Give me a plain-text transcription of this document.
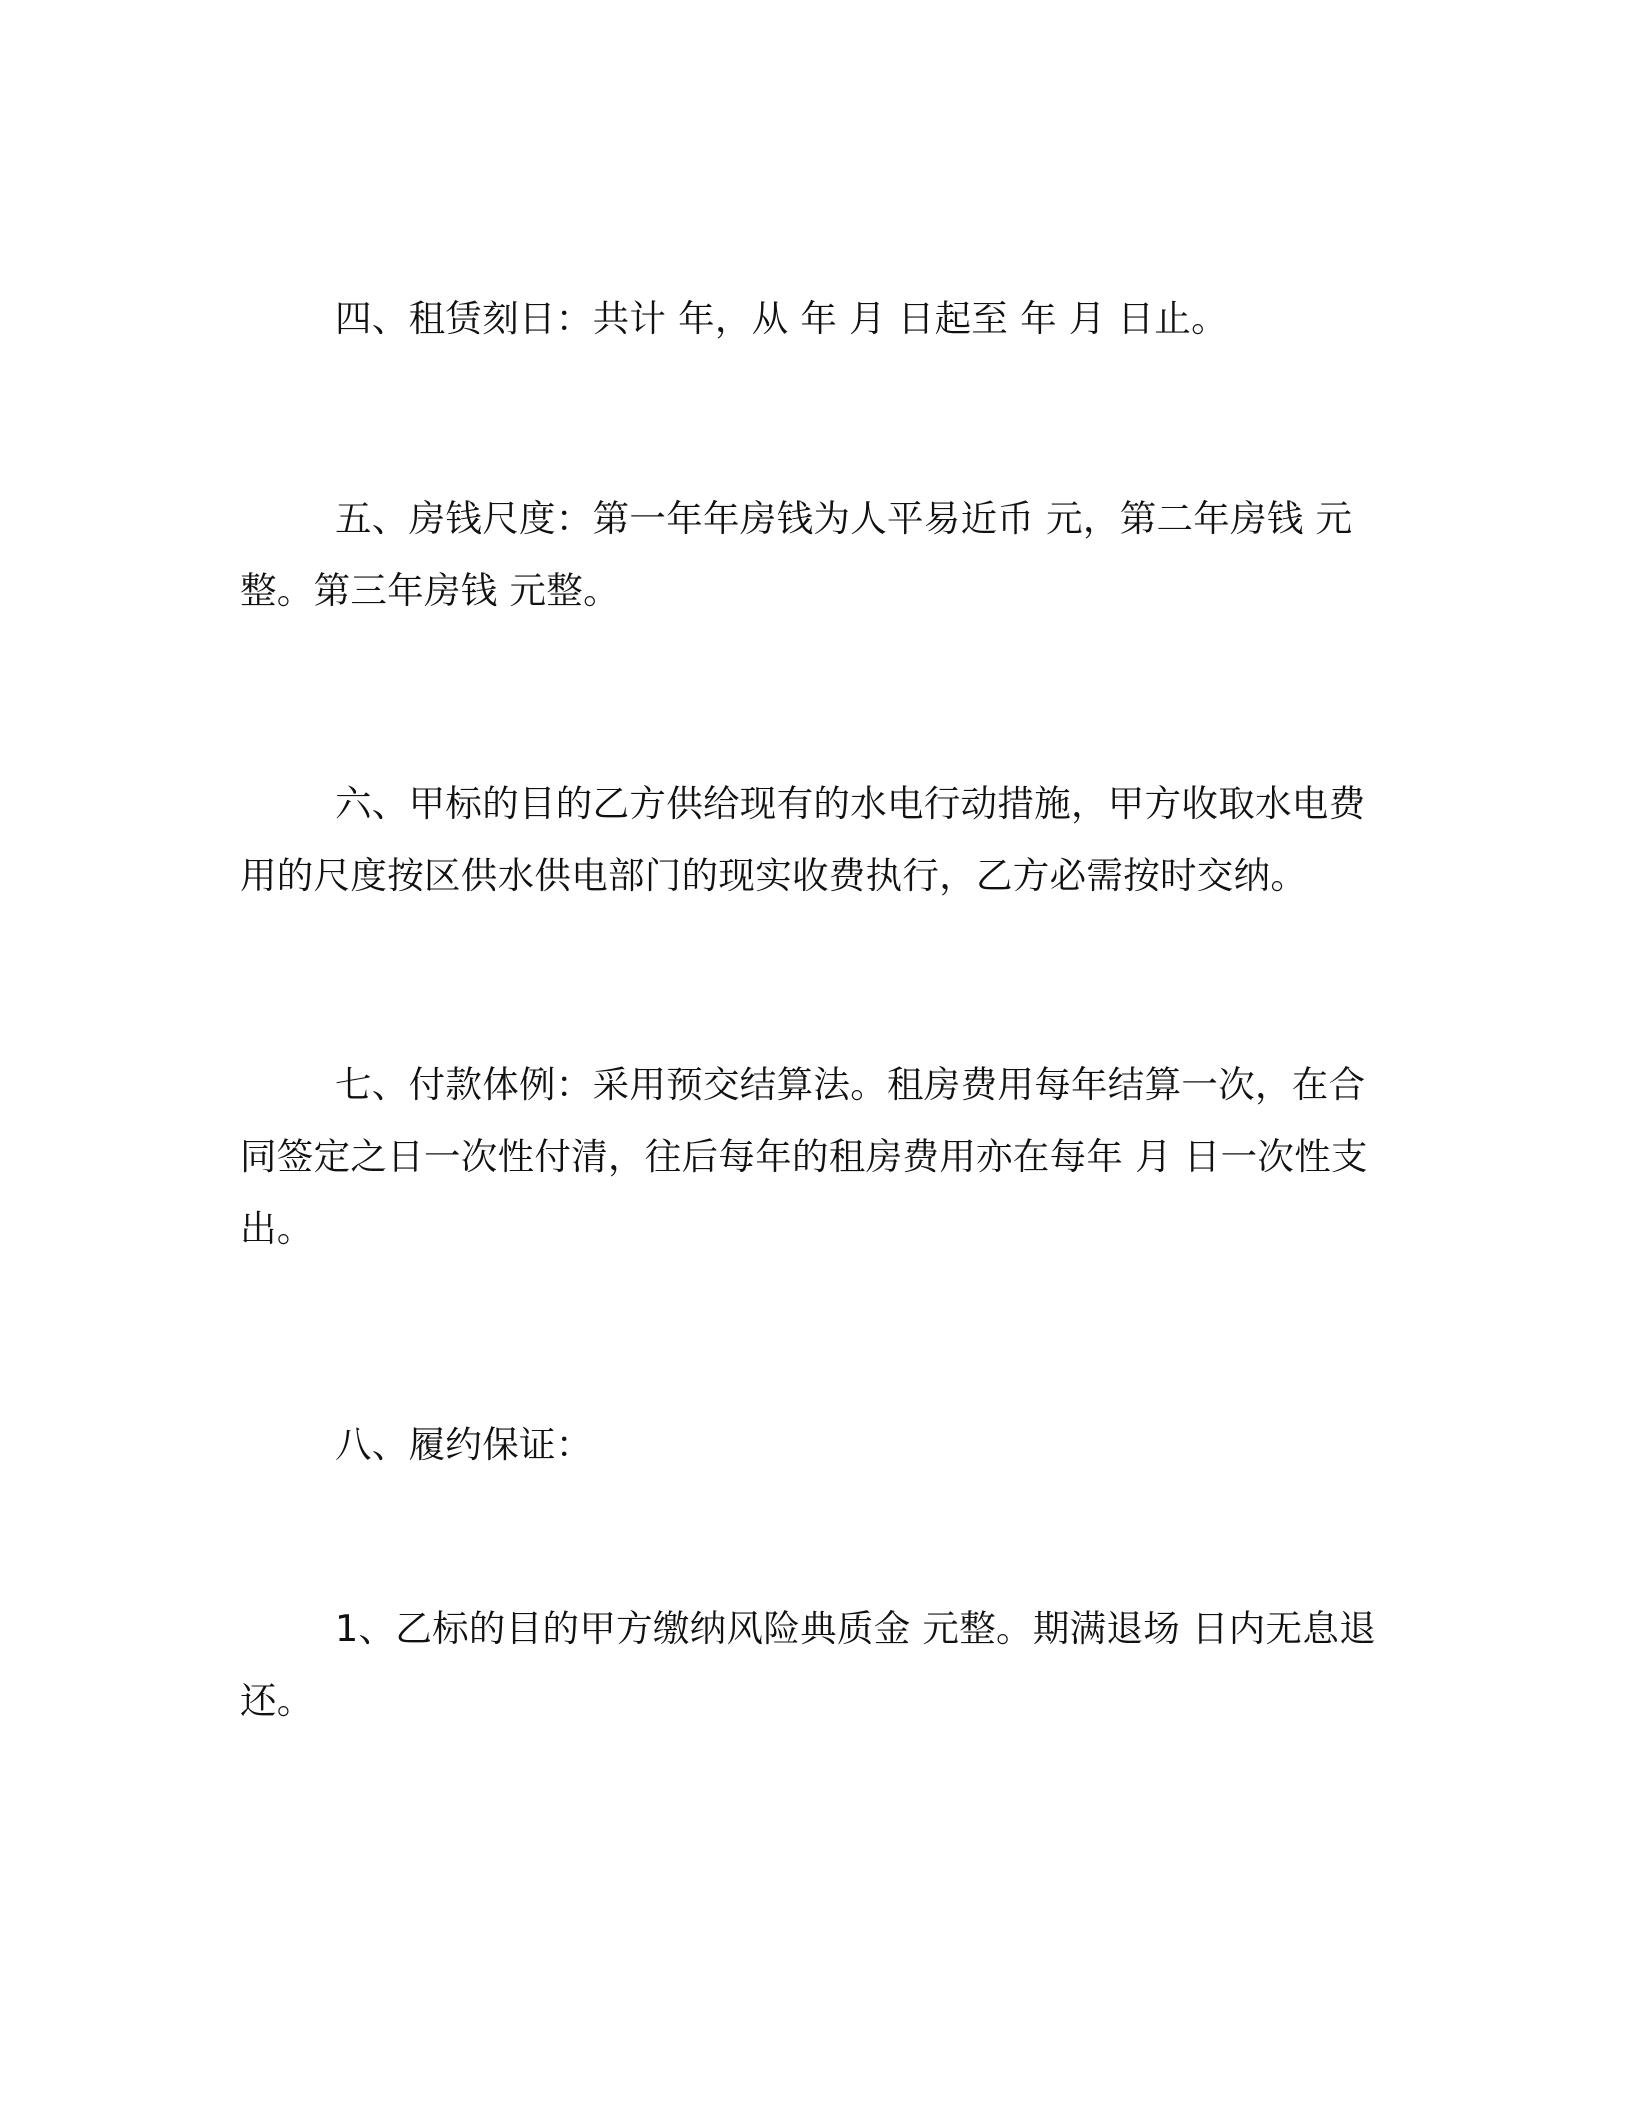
四、租赁刻日：共计 年，从 年 月 日起至 年 月 日止。

五、房钱尺度：第一年年房钱为人平易近币 元，第二年房钱 元整。第三年房钱 元整。

六、甲标的目的乙方供给现有的水电行动措施，甲方收取水电费用的尺度按区供水供电部门的现实收费执行，乙方必需按时交纳。

七、付款体例：采用预交结算法。租房费用每年结算一次，在合同签定之日一次性付清，往后每年的租房费用亦在每年 月 日一次性支出。

八、履约保证：

1、乙标的目的甲方缴纳风险典质金 元整。期满退场 日内无息退还。
